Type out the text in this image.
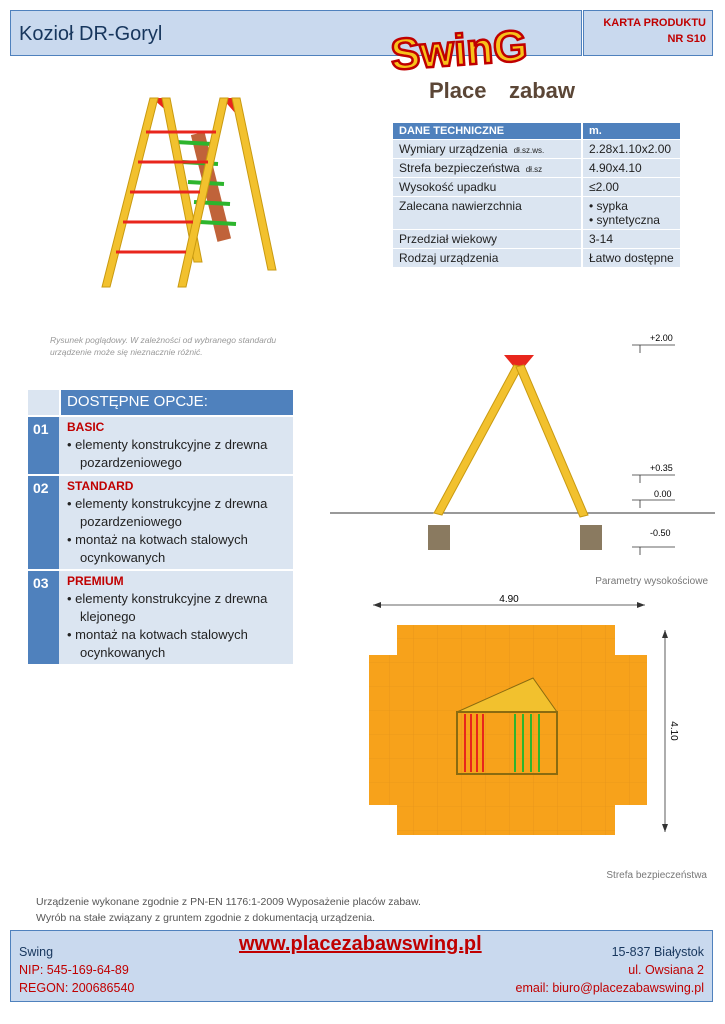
Kozioł DR-Goryl	KARTA PRODUKTU
NR S10
SwinG
Place zabaw
DANE TECHNICZNE	m.
Wymiary urządzenia dł.sz.ws.	2.28x1.10x2.00
Strefa bezpieczeństwa dł.sz	4.90x4.10
Wysokość upadku	≤2.00
Zalecana nawierzchnia	• sypka
• syntetyczna

Przedział wiekowy	3-14
Rodzaj urządzenia	Łatwo dostępne
Rysunek poglądowy. W zależności od wybranego standardu urządzenie może się nieznacznie różnić.
DOSTĘPNE OPCJE:
01	BASIC
• elementy konstrukcyjne z drewna pozardzeniowego
02	STANDARD
• elementy konstrukcyjne z drewna pozardzeniowego
• montaż na kotwach stalowych ocynkowanych
03	PREMIUM
• elementy konstrukcyjne z drewna klejonego
• montaż na kotwach stalowych ocynkowanych
+2.00
+0.35
0.00
-0.50
Parametry wysokościowe
4.90
4.10
Strefa bezpieczeństwa
Urządzenie wykonane zgodnie z PN-EN 1176:1-2009 Wyposażenie placów zabaw.
Wyrób na stałe związany z gruntem zgodnie z dokumentacją urządzenia.
Swing
NIP: 545-169-64-89
REGON: 200686540
www.placezabawswing.pl	15-837 Białystok
ul. Owsiana 2
email: biuro@placezabawswing.pl
